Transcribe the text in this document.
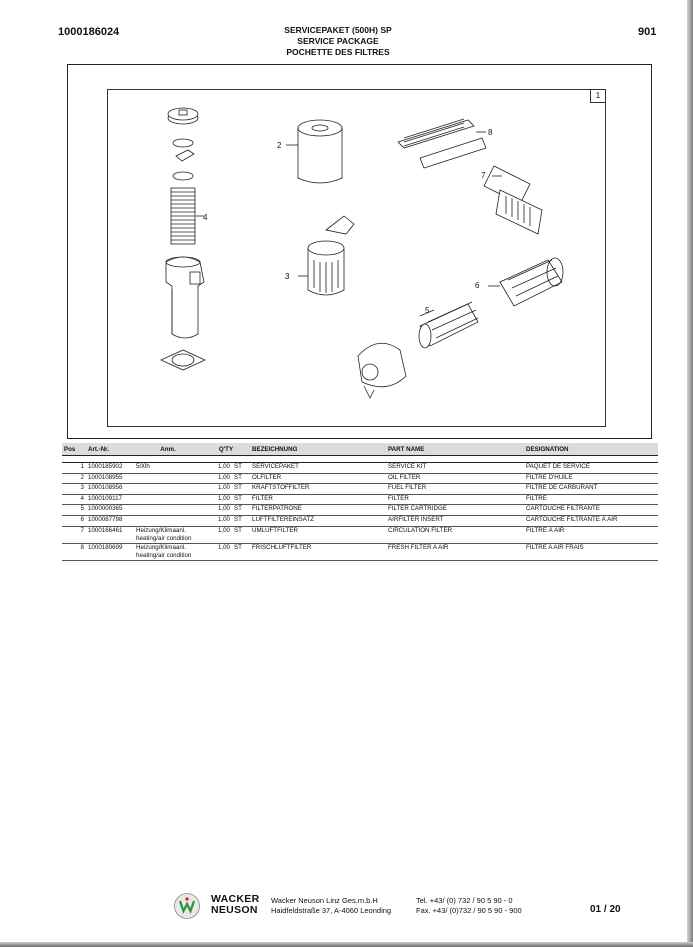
1000186024	SERVICEPAKET (500H) SP
SERVICE PACKAGE
POCHETTE DES FILTRES
901
1
2
3
4
5
6
7
8
Pos	Art.-Nr.	Anm.	Q'TY	BEZEICHNUNG	PART NAME	DESIGNATION

1	1000185902	500h	1,00 ST	SERVICEPAKET	SERVICE KIT	PAQUET DE SERVICE
2	1000108955		1,00 ST	ÖLFILTER	OIL FILTER	FILTRE D'HUILE
3	1000108956		1,00 ST	KRAFTSTOFFILTER	FUEL FILTER	FILTRE DE CARBURANT
4	1000109117		1,00 ST	FILTER	FILTER	FILTRE
5	1000000365		1,00 ST	FILTERPATRONE	FILTER CARTRIDGE	CARTOUCHE FILTRANTE
6	1000087798		1,00 ST	LUFTFILTEREINSATZ	AIRFILTER INSERT	CARTOUCHE FILTRANTE À AIR
7	1000166461	Heizung/Klimaanl. heating/air condition	1,00 ST	UMLUFTFILTER	CIRCULATION FILTER	FILTRE À AIR
8	1000180699	Heizung/Klimaanl. heating/air condition	1,00 ST	FRISCHLUFTFILTER	FRESH FILTER A AIR	FILTRE A AIR FRAIS
WACKER
NEUSON
Wacker Neuson Linz Ges.m.b.H
Haidfeldstraße 37, A-4060 Leonding
Tel. +43/ (0) 732 / 90 5 90 - 0
Fax. +43/ (0)732 / 90 5 90 - 900	01 / 20
